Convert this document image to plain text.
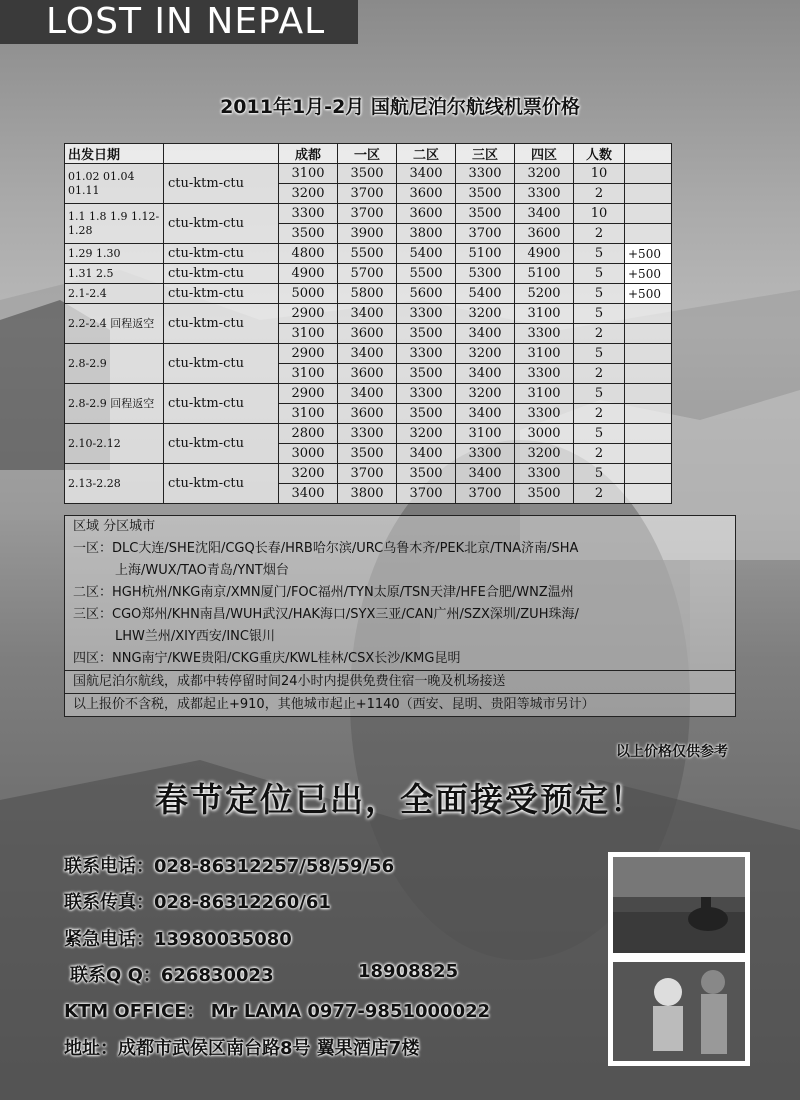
LOST IN NEPAL
2011年1月-2月 国航尼泊尔航线机票价格
出发日期		成都	一区	二区	三区	四区	人数	
01.02 01.04 01.11	ctu-ktm-ctu	3100	3500	3400	3300	3200	10	
		3200	3700	3600	3500	3300	2	
1.1 1.8 1.9 1.12-1.28	ctu-ktm-ctu	3300	3700	3600	3500	3400	10	
		3500	3900	3800	3700	3600	2	
1.29 1.30	ctu-ktm-ctu	4800	5500	5400	5100	4900	5	+500
1.31 2.5	ctu-ktm-ctu	4900	5700	5500	5300	5100	5	+500
2.1-2.4	ctu-ktm-ctu	5000	5800	5600	5400	5200	5	+500
2.2-2.4 回程返空	ctu-ktm-ctu	2900	3400	3300	3200	3100	5	
		3100	3600	3500	3400	3300	2	
2.8-2.9	ctu-ktm-ctu	2900	3400	3300	3200	3100	5	
		3100	3600	3500	3400	3300	2	
2.8-2.9 回程返空	ctu-ktm-ctu	2900	3400	3300	3200	3100	5	
		3100	3600	3500	3400	3300	2	
2.10-2.12	ctu-ktm-ctu	2800	3300	3200	3100	3000	5	
		3000	3500	3400	3300	3200	2	
2.13-2.28	ctu-ktm-ctu	3200	3700	3500	3400	3300	5	
		3400	3800	3700	3700	3500	2	
区域 分区城市
一区：DLC大连/SHE沈阳/CGQ长春/HRB哈尔滨/URC乌鲁木齐/PEK北京/TNA济南/SHA
上海/WUX/TAO青岛/YNT烟台
二区：HGH杭州/NKG南京/XMN厦门/FOC福州/TYN太原/TSN天津/HFE合肥/WNZ温州
三区：CGO郑州/KHN南昌/WUH武汉/HAK海口/SYX三亚/CAN广州/SZX深圳/ZUH珠海/
LHW兰州/XIY西安/INC银川
四区：NNG南宁/KWE贵阳/CKG重庆/KWL桂林/CSX长沙/KMG昆明
国航尼泊尔航线，成都中转停留时间24小时内提供免费住宿一晚及机场接送
以上报价不含税，成都起止+910，其他城市起止+1140（西安、昆明、贵阳等城市另计）
以上价格仅供参考
春节定位已出，全面接受预定！
联系电话：028-86312257/58/59/56
联系传真：028-86312260/61
紧急电话：13980035080
联系Q Q：626830023	18908825
KTM OFFICE： Mr LAMA 0977-9851000022
地址：成都市武侯区南台路8号 翼果酒店7楼
